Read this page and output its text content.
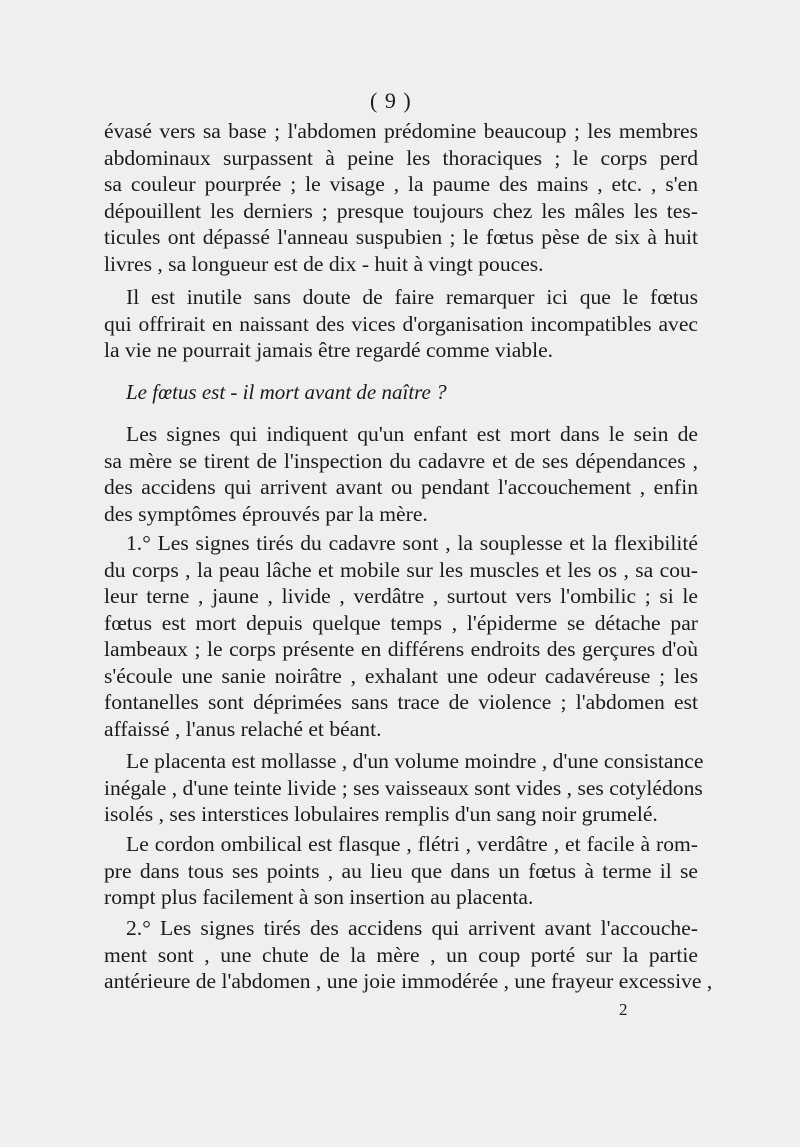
( 9 )
évasé vers sa base ; l'abdomen prédomine beaucoup ; les membres
abdominaux surpassent à peine les thoraciques ; le corps perd
sa couleur pourprée ; le visage , la paume des mains , etc. , s'en
dépouillent les derniers ; presque toujours chez les mâles les tes-
ticules ont dépassé l'anneau suspubien ; le fœtus pèse de six à huit
livres , sa longueur est de dix - huit à vingt pouces.
Il est inutile sans doute de faire remarquer ici que le fœtus
qui offrirait en naissant des vices d'organisation incompatibles avec
la vie ne pourrait jamais être regardé comme viable.
Le fœtus est - il mort avant de naître ?
Les signes qui indiquent qu'un enfant est mort dans le sein de
sa mère se tirent de l'inspection du cadavre et de ses dépendances ,
des accidens qui arrivent avant ou pendant l'accouchement , enfin
des symptômes éprouvés par la mère.
1.° Les signes tirés du cadavre sont , la souplesse et la flexibilité
du corps , la peau lâche et mobile sur les muscles et les os , sa cou-
leur terne , jaune , livide , verdâtre , surtout vers l'ombilic ; si le
fœtus est mort depuis quelque temps , l'épiderme se détache par
lambeaux ; le corps présente en différens endroits des gerçures d'où
s'écoule une sanie noirâtre , exhalant une odeur cadavéreuse ; les
fontanelles sont déprimées sans trace de violence ; l'abdomen est
affaissé , l'anus relaché et béant.
Le placenta est mollasse , d'un volume moindre , d'une consistance
inégale , d'une teinte livide ; ses vaisseaux sont vides , ses cotylédons
isolés , ses interstices lobulaires remplis d'un sang noir grumelé.
Le cordon ombilical est flasque , flétri , verdâtre , et facile à rom-
pre dans tous ses points , au lieu que dans un fœtus à terme il se
rompt plus facilement à son insertion au placenta.
2.° Les signes tirés des accidens qui arrivent avant l'accouche-
ment sont , une chute de la mère , un coup porté sur la partie
antérieure de l'abdomen , une joie immodérée , une frayeur excessive ,
2
